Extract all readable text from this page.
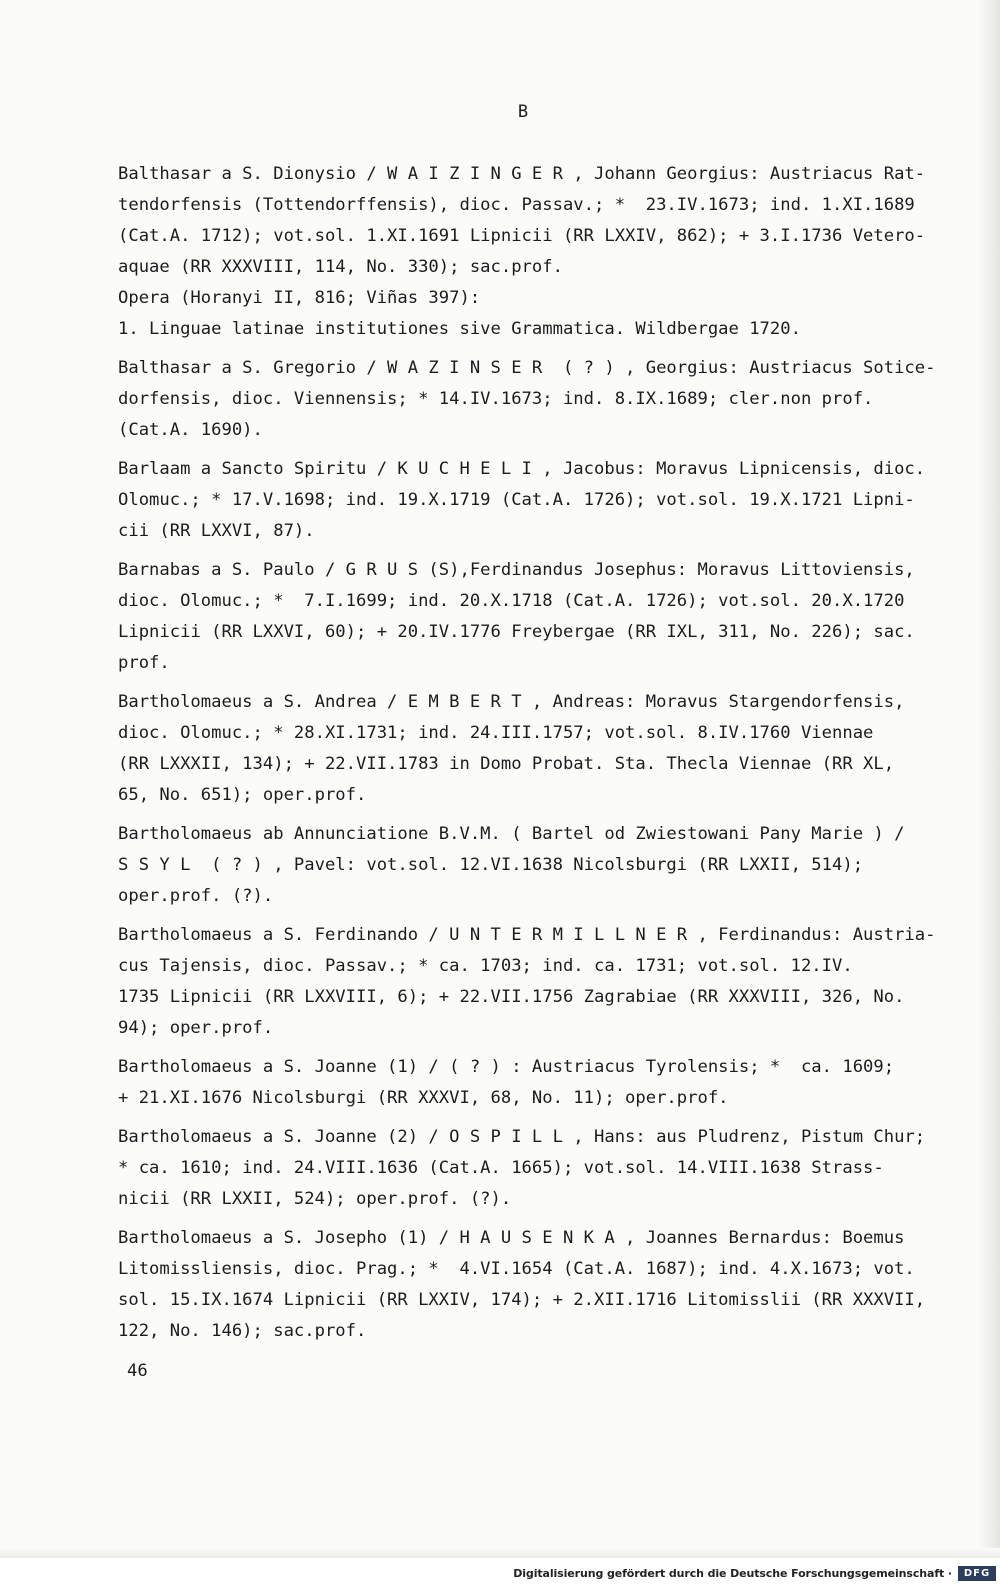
B
Balthasar a S. Dionysio / W A I Z I N G E R , Johann Georgius: Austriacus Rat-
tendorfensis (Tottendorffensis), dioc. Passav.; *  23.IV.1673; ind. 1.XI.1689
(Cat.A. 1712); vot.sol. 1.XI.1691 Lipnicii (RR LXXIV, 862); + 3.I.1736 Vetero-
aquae (RR XXXVIII, 114, No. 330); sac.prof.
Opera (Horanyi II, 816; Viñas 397):
1. Linguae latinae institutiones sive Grammatica. Wildbergae 1720.
Balthasar a S. Gregorio / W A Z I N S E R  ( ? ) , Georgius: Austriacus Sotice-
dorfensis, dioc. Viennensis; * 14.IV.1673; ind. 8.IX.1689; cler.non prof.
(Cat.A. 1690).
Barlaam a Sancto Spiritu / K U C H E L I , Jacobus: Moravus Lipnicensis, dioc.
Olomuc.; * 17.V.1698; ind. 19.X.1719 (Cat.A. 1726); vot.sol. 19.X.1721 Lipni-
cii (RR LXXVI, 87).
Barnabas a S. Paulo / G R U S (S),Ferdinandus Josephus: Moravus Littoviensis,
dioc. Olomuc.; *  7.I.1699; ind. 20.X.1718 (Cat.A. 1726); vot.sol. 20.X.1720
Lipnicii (RR LXXVI, 60); + 20.IV.1776 Freybergae (RR IXL, 311, No. 226); sac.
prof.
Bartholomaeus a S. Andrea / E M B E R T , Andreas: Moravus Stargendorfensis,
dioc. Olomuc.; * 28.XI.1731; ind. 24.III.1757; vot.sol. 8.IV.1760 Viennae
(RR LXXXII, 134); + 22.VII.1783 in Domo Probat. Sta. Thecla Viennae (RR XL,
65, No. 651); oper.prof.
Bartholomaeus ab Annunciatione B.V.M. ( Bartel od Zwiestowani Pany Marie ) /
S S Y L  ( ? ) , Pavel: vot.sol. 12.VI.1638 Nicolsburgi (RR LXXII, 514);
oper.prof. (?).
Bartholomaeus a S. Ferdinando / U N T E R M I L L N E R , Ferdinandus: Austria-
cus Tajensis, dioc. Passav.; * ca. 1703; ind. ca. 1731; vot.sol. 12.IV.
1735 Lipnicii (RR LXXVIII, 6); + 22.VII.1756 Zagrabiae (RR XXXVIII, 326, No.
94); oper.prof.
Bartholomaeus a S. Joanne (1) / ( ? ) : Austriacus Tyrolensis; *  ca. 1609;
+ 21.XI.1676 Nicolsburgi (RR XXXVI, 68, No. 11); oper.prof.
Bartholomaeus a S. Joanne (2) / O S P I L L , Hans: aus Pludrenz, Pistum Chur;
* ca. 1610; ind. 24.VIII.1636 (Cat.A. 1665); vot.sol. 14.VIII.1638 Strass-
nicii (RR LXXII, 524); oper.prof. (?).
Bartholomaeus a S. Josepho (1) / H A U S E N K A , Joannes Bernardus: Boemus
Litomissliensis, dioc. Prag.; *  4.VI.1654 (Cat.A. 1687); ind. 4.X.1673; vot.
sol. 15.IX.1674 Lipnicii (RR LXXIV, 174); + 2.XII.1716 Litomisslii (RR XXXVII,
122, No. 146); sac.prof.
46
Digitalisierung gefördert durch die Deutsche Forschungsgemeinschaft ·	DFG
